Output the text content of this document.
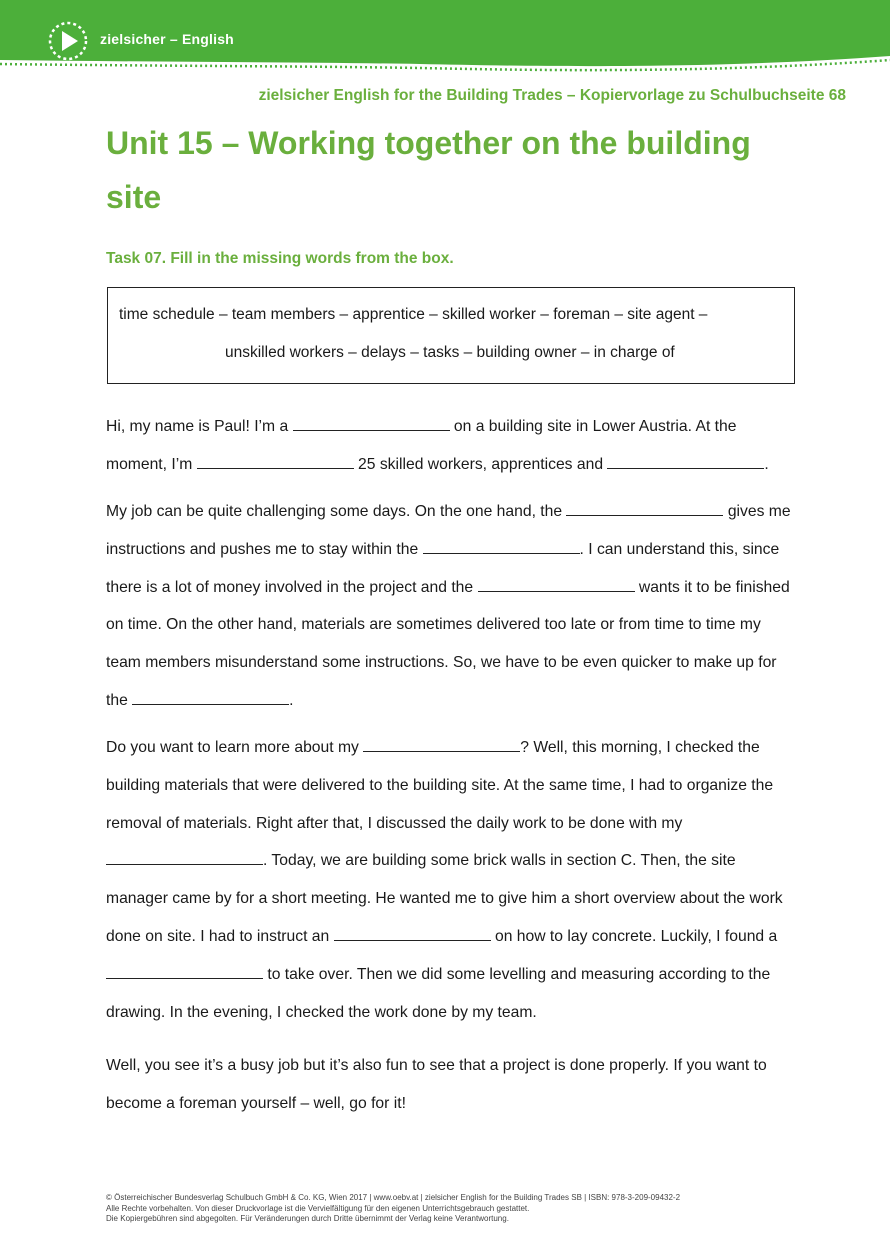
zielsicher – English
zielsicher English for the Building Trades – Kopiervorlage zu Schulbuchseite 68
Unit 15 – Working together on the building site
Task 07. Fill in the missing words from the box.
time schedule – team members – apprentice – skilled worker – foreman – site agent –
unskilled workers – delays – tasks – building owner – in charge of

Hi, my name is Paul! I’m a	on a building site in Lower Austria. At the moment, I’m	25 skilled workers, apprentices and	.

My job can be quite challenging some days. On the one hand, the	gives me instructions and pushes me to stay within the	. I can understand this, since there is a lot of money involved in the project and the	wants it to be finished on time. On the other hand, materials are sometimes delivered too late or from time to time my team members misunderstand some instructions. So, we have to be even quicker to make up for the	.

Do you want to learn more about my	? Well, this morning, I checked the building materials that were delivered to the building site. At the same time, I had to organize the removal of materials. Right after that, I discussed the daily work to be done with my . Today, we are building some brick walls in section C. Then, the site manager came by for a short meeting. He wanted me to give him a short overview about the work done on site. I had to instruct an	on how to lay concrete. Luckily, I found a  to take over. Then we did some levelling and measuring according to the drawing. In the evening, I checked the work done by my team.

Well, you see it’s a busy job but it’s also fun to see that a project is done properly. If you want to become a foreman yourself – well, go for it!

© Österreichischer Bundesverlag Schulbuch GmbH & Co. KG, Wien 2017 | www.oebv.at | zielsicher English for the Building Trades SB | ISBN: 978-3-209-09432-2
Alle Rechte vorbehalten. Von dieser Druckvorlage ist die Vervielfältigung für den eigenen Unterrichtsgebrauch gestattet.
Die Kopiergebühren sind abgegolten. Für Veränderungen durch Dritte übernimmt der Verlag keine Verantwortung.
